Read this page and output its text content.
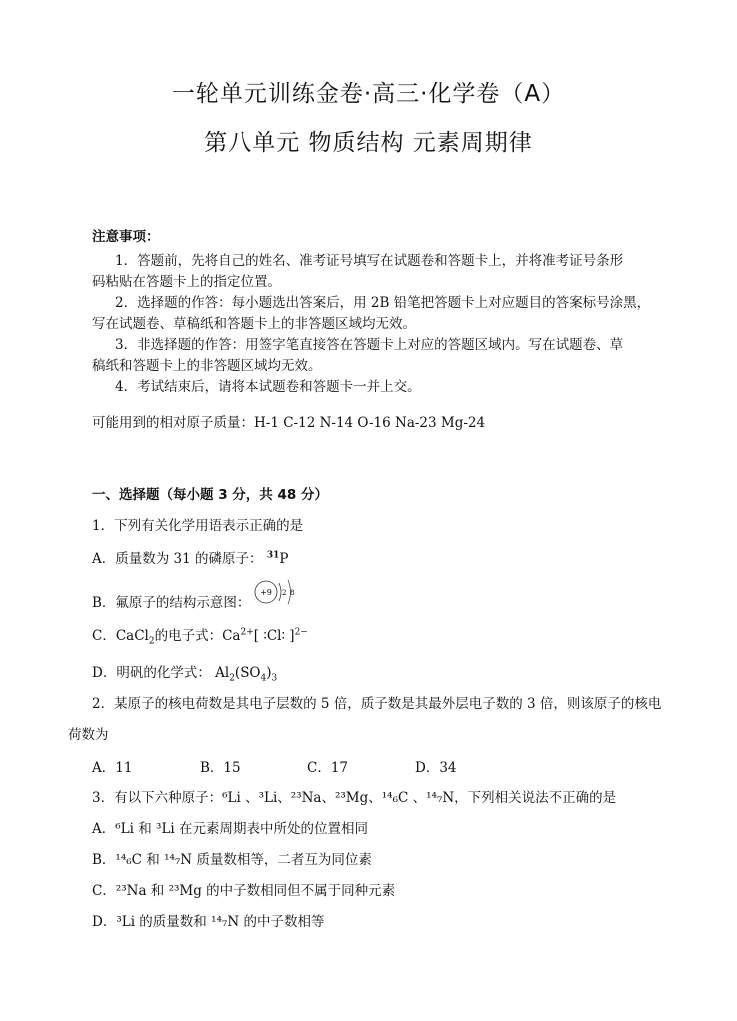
一轮单元训练金卷·高三·化学卷（A）
第八单元 物质结构 元素周期律
注意事项：
1．答题前，先将自己的姓名、准考证号填写在试题卷和答题卡上，并将准考证号条形
码粘贴在答题卡上的指定位置。
2．选择题的作答：每小题选出答案后，用 2B 铅笔把答题卡上对应题目的答案标号涂黑，
写在试题卷、草稿纸和答题卡上的非答题区域均无效。
3．非选择题的作答：用签字笔直接答在答题卡上对应的答题区域内。写在试题卷、草
稿纸和答题卡上的非答题区域均无效。
4．考试结束后，请将本试题卷和答题卡一并上交。
可能用到的相对原子质量：H-1 C-12 N-14 O-16 Na-23 Mg-24
一、选择题（每小题 3 分，共 48 分）
1．下列有关化学用语表示正确的是
A．质量数为 31 的磷原子： $^{31}$P
B．氟原子的结构示意图：
+9 2 8
C．CaCl$_2$的电子式：$Ca^{2+}$[ ∶Cl∶ ]$^{2-}$
D．明矾的化学式： $Al_2(SO_4)_3$
2．某原子的核电荷数是其电子层数的 5 倍，质子数是其最外层电子数的 3 倍，则该原子的核电
荷数为
A．11	B．15	C．17	D．34
3．有以下六种原子：⁶Li 、³Li、²³Na、²³Mg、¹⁴₆C 、¹⁴₇N，下列相关说法不正确的是
A．⁶Li 和 ³Li 在元素周期表中所处的位置相同
B．¹⁴₆C 和 ¹⁴₇N 质量数相等，二者互为同位素
C．²³Na 和 ²³Mg 的中子数相同但不属于同种元素
D．³Li 的质量数和 ¹⁴₇N 的中子数相等
